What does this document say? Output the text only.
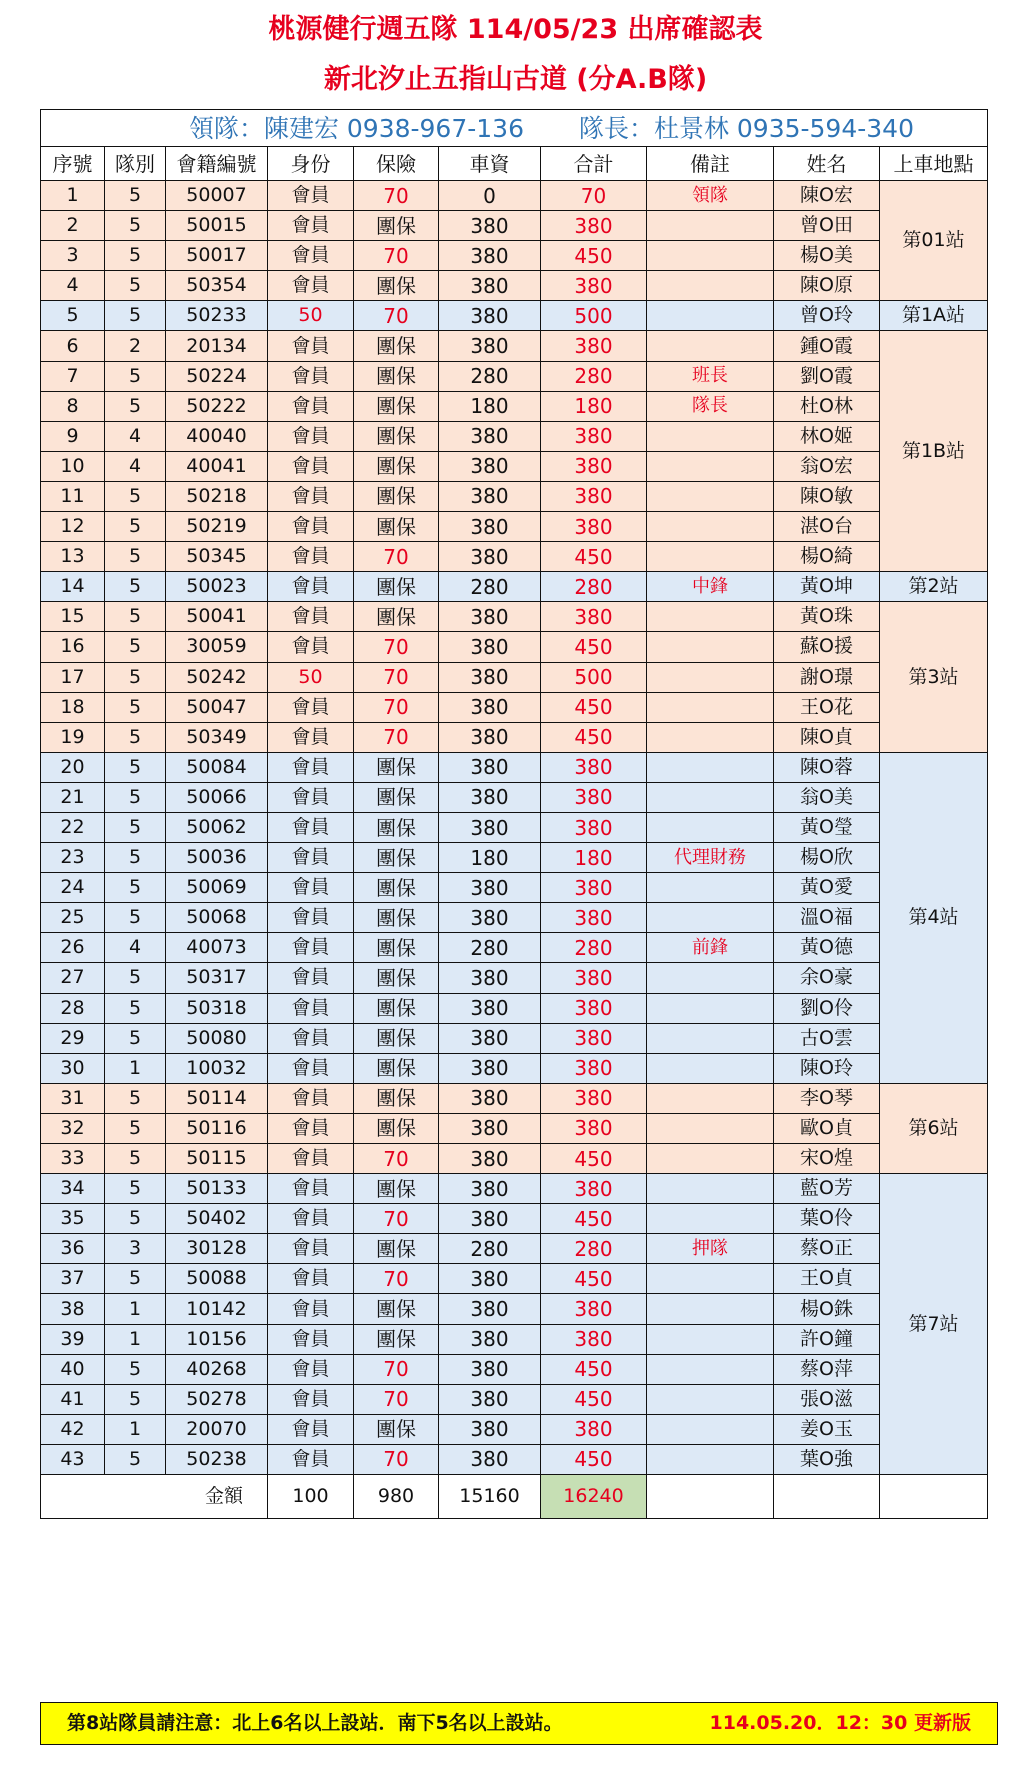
桃源健行週五隊 114/05/23 出席確認表
新北汐止五指山古道 (分A.B隊)
領隊：陳建宏 0938-967-136 隊長：杜景林 0935-594-340									
序號	隊別	會籍編號	身份	保險	車資	合計	備註	姓名	上車地點
1	5	50007	會員	70	0	70	領隊	陳O宏	第01站
2	5	50015	會員	團保	380	380		曾O田	
3	5	50017	會員	70	380	450		楊O美	
4	5	50354	會員	團保	380	380		陳O原	
5	5	50233	50	70	380	500		曾O玲	第1A站
6	2	20134	會員	團保	380	380		鍾O霞	第1B站
7	5	50224	會員	團保	280	280	班長	劉O霞	
8	5	50222	會員	團保	180	180	隊長	杜O林	
9	4	40040	會員	團保	380	380		林O姬	
10	4	40041	會員	團保	380	380		翁O宏	
11	5	50218	會員	團保	380	380		陳O敏	
12	5	50219	會員	團保	380	380		湛O台	
13	5	50345	會員	70	380	450		楊O綺	
14	5	50023	會員	團保	280	280	中鋒	黃O坤	第2站
15	5	50041	會員	團保	380	380		黃O珠	第3站
16	5	30059	會員	70	380	450		蘇O援	
17	5	50242	50	70	380	500		謝O璟	
18	5	50047	會員	70	380	450		王O花	
19	5	50349	會員	70	380	450		陳O貞	
20	5	50084	會員	團保	380	380		陳O蓉	第4站
21	5	50066	會員	團保	380	380		翁O美	
22	5	50062	會員	團保	380	380		黃O瑩	
23	5	50036	會員	團保	180	180	代理財務	楊O欣	
24	5	50069	會員	團保	380	380		黃O愛	
25	5	50068	會員	團保	380	380		溫O福	
26	4	40073	會員	團保	280	280	前鋒	黃O德	
27	5	50317	會員	團保	380	380		余O豪	
28	5	50318	會員	團保	380	380		劉O伶	
29	5	50080	會員	團保	380	380		古O雲	
30	1	10032	會員	團保	380	380		陳O玲	
31	5	50114	會員	團保	380	380		李O琴	第6站
32	5	50116	會員	團保	380	380		歐O貞	
33	5	50115	會員	70	380	450		宋O煌	
34	5	50133	會員	團保	380	380		藍O芳	第7站
35	5	50402	會員	70	380	450		葉O伶	
36	3	30128	會員	團保	280	280	押隊	蔡O正	
37	5	50088	會員	70	380	450		王O貞	
38	1	10142	會員	團保	380	380		楊O銖	
39	1	10156	會員	團保	380	380		許O鐘	
40	5	40268	會員	70	380	450		蔡O萍	
41	5	50278	會員	70	380	450		張O滋	
42	1	20070	會員	團保	380	380		姜O玉	
43	5	50238	會員	70	380	450		葉O強	
金額			100	980	15160	16240			
第8站隊員請注意：北上6名以上設站．南下5名以上設站。	114.05.20．12：30 更新版
